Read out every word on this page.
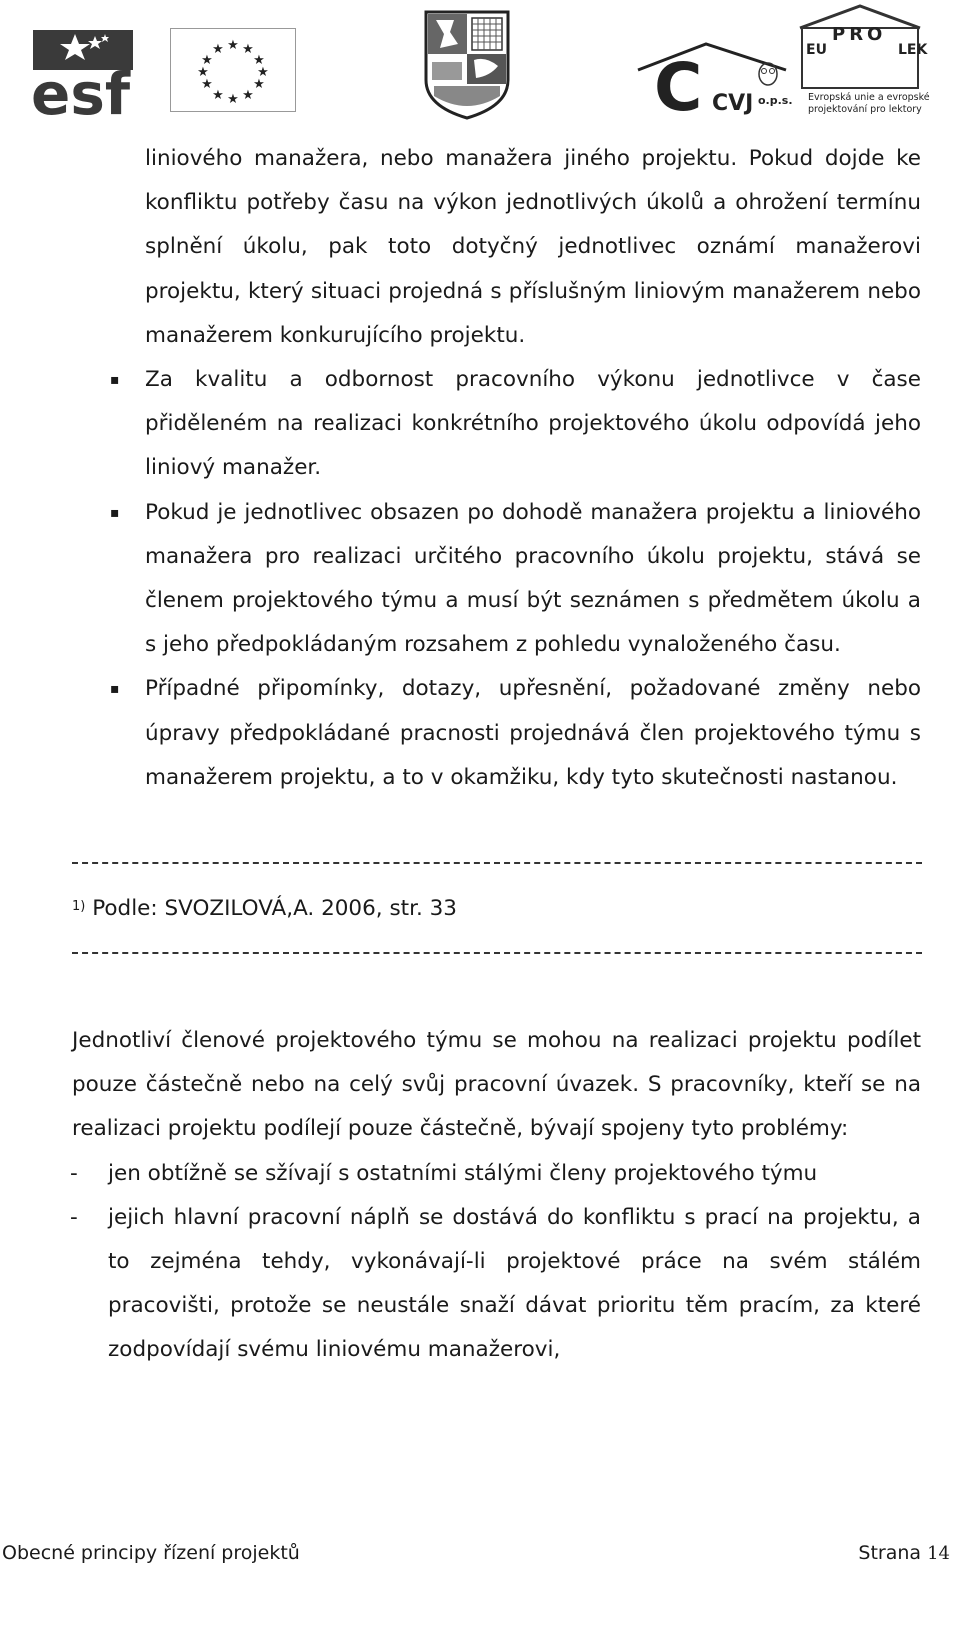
esf
★ ★
★
★
★
★
★
★
★
★
★
★	C CVJ o.p.s.
PRO
EU	LEK
Evropská unie a evropské
projektování pro lektory

liniového manažera, nebo manažera jiného projektu. Pokud dojde ke konfliktu potřeby času na výkon jednotlivých úkolů a ohrožení termínu splnění úkolu, pak toto dotyčný jednotlivec oznámí manažerovi projektu, který situaci projedná s příslušným liniovým manažerem nebo manažerem konkurujícího projektu.

▪ Za kvalitu a odbornost pracovního výkonu jednotlivce v čase přiděleném na realizaci konkrétního projektového úkolu odpovídá jeho liniový manažer.

▪ Pokud je jednotlivec obsazen po dohodě manažera projektu a liniového manažera pro realizaci určitého pracovního úkolu projektu, stává se členem projektového týmu a musí být seznámen s předmětem úkolu a s jeho předpokládaným rozsahem z pohledu vynaloženého času.

▪ Případné připomínky, dotazy, upřesnění, požadované změny nebo úpravy předpokládané pracnosti projednává člen projektového týmu s manažerem projektu, a to v okamžiku, kdy tyto skutečnosti nastanou.

$^{1)}$ Podle: SVOZILOVÁ,A. 2006, str. 33

Jednotliví členové projektového týmu se mohou na realizaci projektu podílet pouze částečně nebo na celý svůj pracovní úvazek. S pracovníky, kteří se na realizaci projektu podílejí pouze částečně, bývají spojeny tyto problémy:

- jen obtížně se sžívají s ostatními stálými členy projektového týmu

- jejich hlavní pracovní náplň se dostává do konfliktu s prací na projektu, a to zejména tehdy, vykonávají-li projektové práce na svém stálém pracovišti, protože se neustále snaží dávat prioritu těm pracím, za které zodpovídají svému liniovému manažerovi,

Obecné principy řízení projektů	Strana 14
